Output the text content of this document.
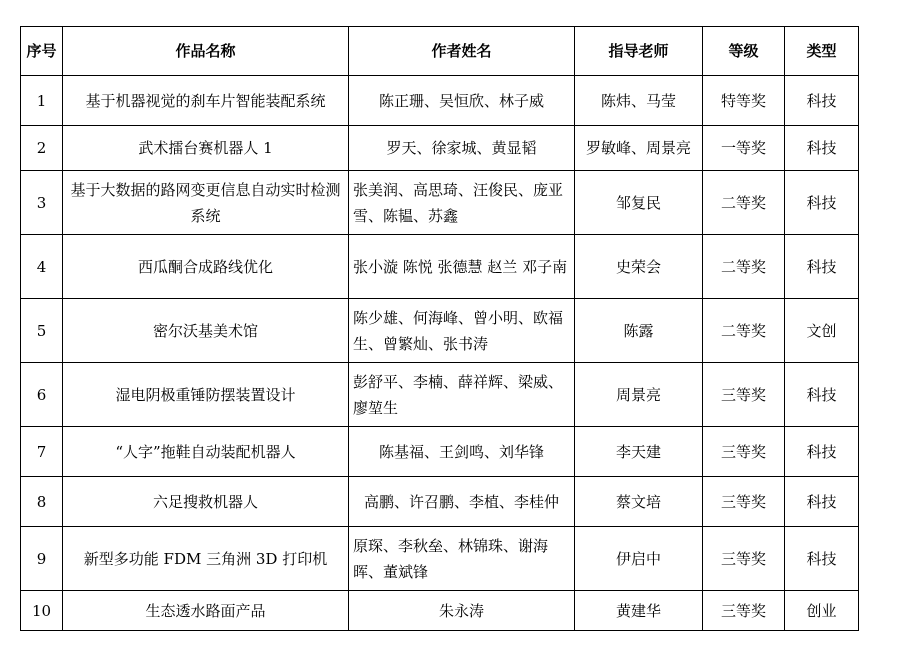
序号	作品名称	作者姓名	指导老师	等级	类型
1	基于机器视觉的刹车片智能装配系统	陈正珊、吴恒欣、林子威	陈炜、马莹	特等奖	科技
2	武术擂台赛机器人 1	罗天、徐家城、黄显韬	罗敏峰、周景亮	一等奖	科技
3	基于大数据的路网变更信息自动实时检测系统	张美润、高思琦、汪俊民、庞亚雪、陈韫、苏鑫	邹复民	二等奖	科技
4	西瓜酮合成路线优化	张小漩 陈悦 张德慧 赵兰 邓子南	史荣会	二等奖	科技
5	密尔沃基美术馆	陈少雄、何海峰、曾小明、欧福生、曾繁灿、张书涛	陈露	二等奖	文创
6	湿电阴极重锤防摆装置设计	彭舒平、李楠、薛祥辉、梁威、廖堃生	周景亮	三等奖	科技
7	“人字”拖鞋自动装配机器人	陈基福、王剑鸣、刘华锋	李天建	三等奖	科技
8	六足搜救机器人	高鹏、许召鹏、李植、李桂仲	蔡文培	三等奖	科技
9	新型多功能 FDM 三角洲 3D 打印机	原琛、李秋垒、林锦珠、谢海晖、董斌锋	伊启中	三等奖	科技
10	生态透水路面产品	朱永涛	黄建华	三等奖	创业
